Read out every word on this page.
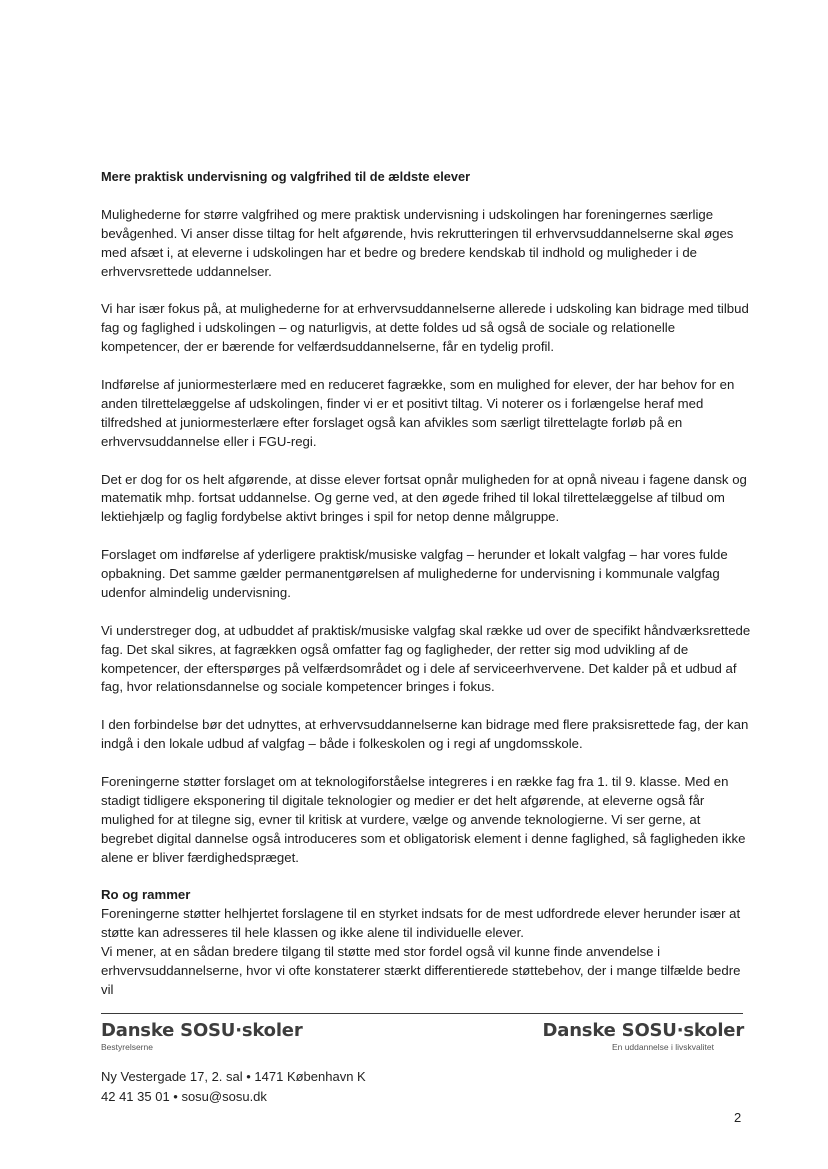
Mere praktisk undervisning og valgfrihed til de ældste elever

Mulighederne for større valgfrihed og mere praktisk undervisning i udskolingen har foreningernes særlige bevågenhed. Vi anser disse tiltag for helt afgørende, hvis rekrutteringen til erhvervsuddannelserne skal øges med afsæt i, at eleverne i udskolingen har et bedre og bredere kendskab til indhold og muligheder i de erhvervsrettede uddannelser.

Vi har især fokus på, at mulighederne for at erhvervsuddannelserne allerede i udskoling kan bidrage med tilbud fag og faglighed i udskolingen – og naturligvis, at dette foldes ud så også de sociale og relationelle kompetencer, der er bærende for velfærdsuddannelserne, får en tydelig profil.

Indførelse af juniormesterlære med en reduceret fagrække, som en mulighed for elever, der har behov for en anden tilrettelæggelse af udskolingen, finder vi er et positivt tiltag. Vi noterer os i forlængelse heraf med tilfredshed at juniormesterlære efter forslaget også kan afvikles som særligt tilrettelagte forløb på en erhvervsuddannelse eller i FGU-regi.

Det er dog for os helt afgørende, at disse elever fortsat opnår muligheden for at opnå niveau i fagene dansk og matematik mhp. fortsat uddannelse. Og gerne ved, at den øgede frihed til lokal tilrettelæggelse af tilbud om lektiehjælp og faglig fordybelse aktivt bringes i spil for netop denne målgruppe.

Forslaget om indførelse af yderligere praktisk/musiske valgfag – herunder et lokalt valgfag – har vores fulde opbakning. Det samme gælder permanentgørelsen af mulighederne for undervisning i kommunale valgfag udenfor almindelig undervisning.

Vi understreger dog, at udbuddet af praktisk/musiske valgfag skal række ud over de specifikt håndværksrettede fag. Det skal sikres, at fagrækken også omfatter fag og fagligheder, der retter sig mod udvikling af de kompetencer, der efterspørges på velfærdsområdet og i dele af serviceerhvervene. Det kalder på et udbud af fag, hvor relationsdannelse og sociale kompetencer bringes i fokus.

I den forbindelse bør det udnyttes, at erhvervsuddannelserne kan bidrage med flere praksisrettede fag, der kan indgå i den lokale udbud af valgfag – både i folkeskolen og i regi af ungdomsskole.

Foreningerne støtter forslaget om at teknologiforståelse integreres i en række fag fra 1. til 9. klasse. Med en stadigt tidligere eksponering til digitale teknologier og medier er det helt afgørende, at eleverne også får mulighed for at tilegne sig, evner til kritisk at vurdere, vælge og anvende teknologierne. Vi ser gerne, at begrebet digital dannelse også introduceres som et obligatorisk element i denne faglighed, så fagligheden ikke alene er bliver færdighedspræget.

Ro og rammer

Foreningerne støtter helhjertet forslagene til en styrket indsats for de mest udfordrede elever herunder især at støtte kan adresseres til hele klassen og ikke alene til individuelle elever.

Vi mener, at en sådan bredere tilgang til støtte med stor fordel også vil kunne finde anvendelse i erhvervsuddannelserne, hvor vi ofte konstaterer stærkt differentierede støttebehov, der i mange tilfælde bedre vil

Danske SOSU·skoler
Bestyrelserne
Danske SOSU·skoler
En uddannelse i livskvalitet
Ny Vestergade 17, 2. sal • 1471 København K
42 41 35 01 • sosu@sosu.dk
2
